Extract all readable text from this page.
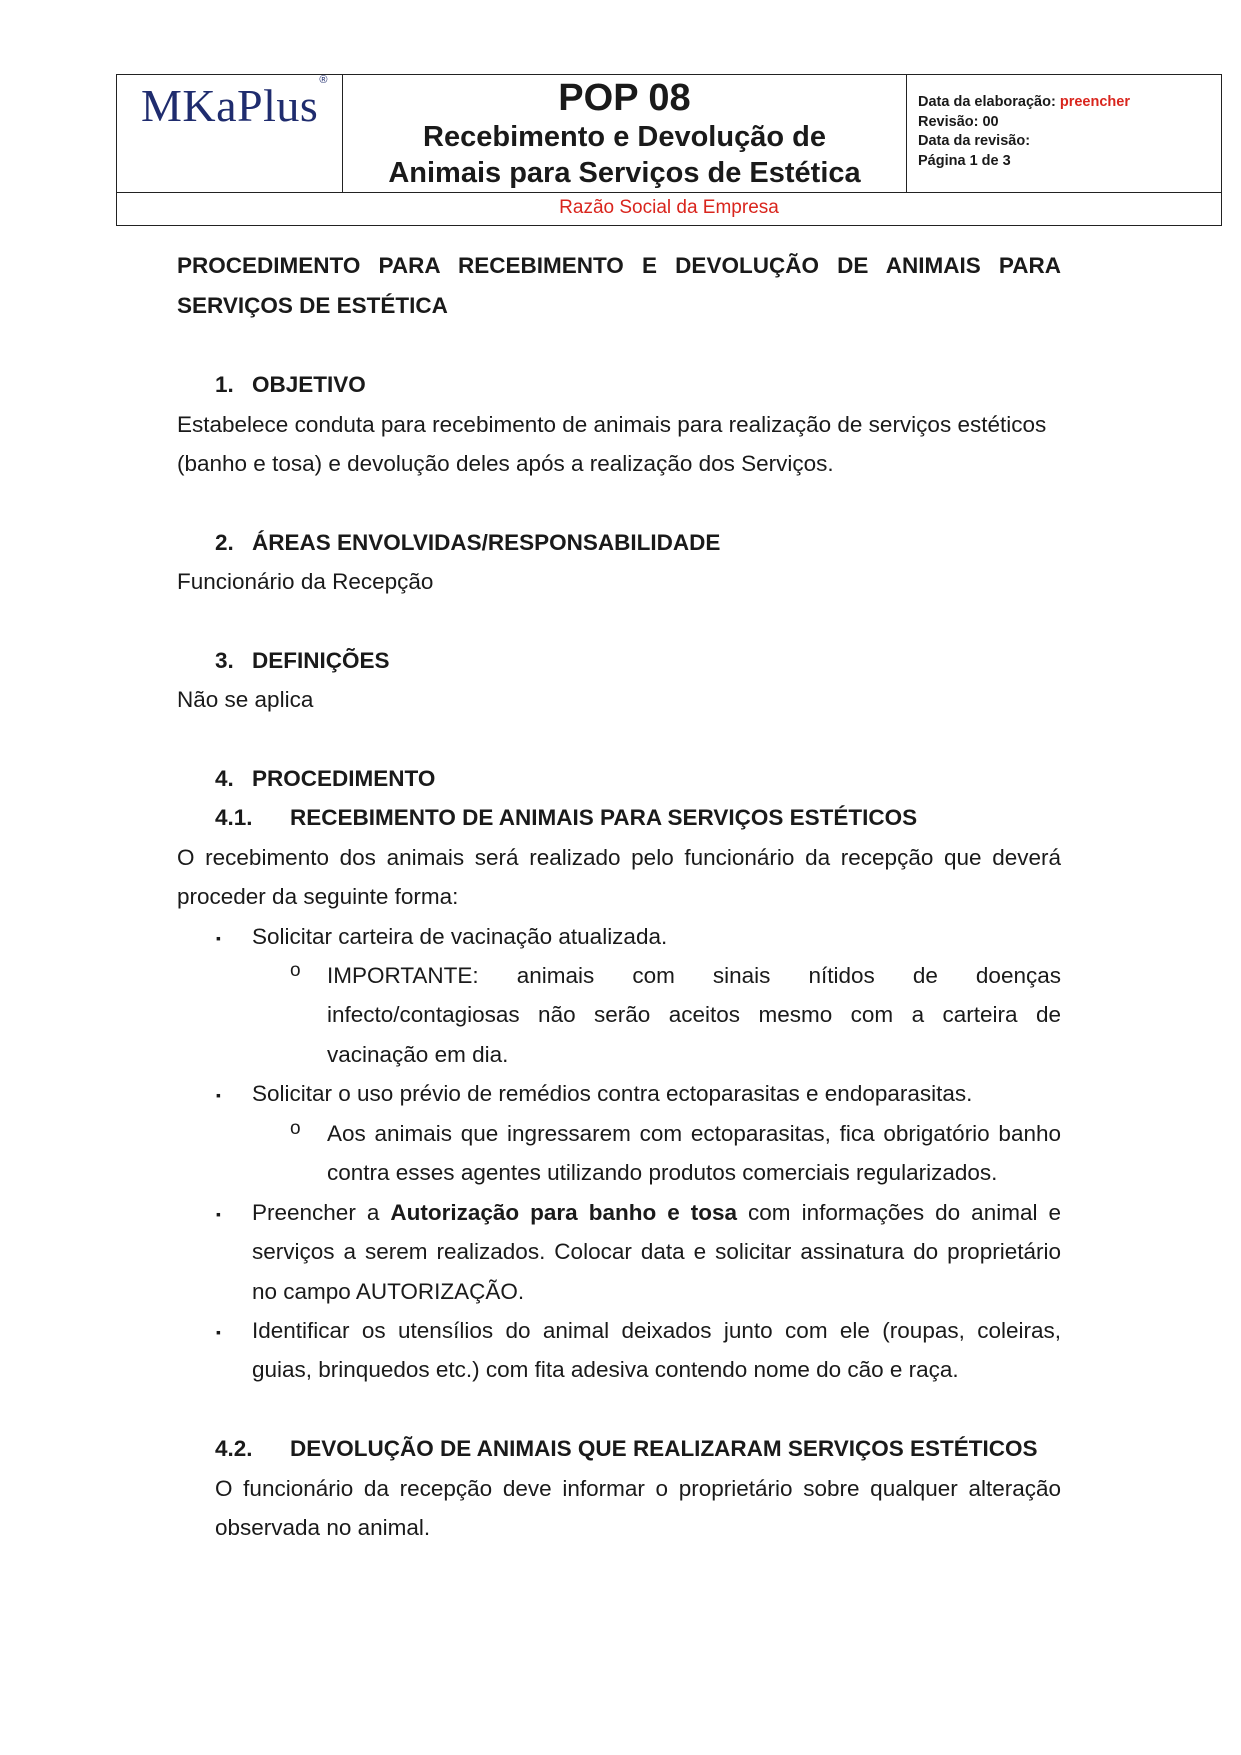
MKaPlus®	POP 08
Recebimento e Devolução de
Animais para Serviços de Estética
Data da elaboração: preencher
Revisão: 00
Data da revisão:
Página 1 de 3
Razão Social da Empresa
PROCEDIMENTO PARA RECEBIMENTO E DEVOLUÇÃO DE ANIMAIS PARA
SERVIÇOS DE ESTÉTICA
1. OBJETIVO
Estabelece conduta para recebimento de animais para realização de serviços estéticos
(banho e tosa) e devolução deles após a realização dos Serviços.
2. ÁREAS ENVOLVIDAS/RESPONSABILIDADE
Funcionário da Recepção
3. DEFINIÇÕES
Não se aplica
4. PROCEDIMENTO
4.1. RECEBIMENTO DE ANIMAIS PARA SERVIÇOS ESTÉTICOS
O recebimento dos animais será realizado pelo funcionário da recepção que deverá
proceder da seguinte forma:
▪ Solicitar carteira de vacinação atualizada.
o IMPORTANTE: animais com sinais nítidos de doenças
infecto/contagiosas não serão aceitos mesmo com a carteira de
vacinação em dia.
▪ Solicitar o uso prévio de remédios contra ectoparasitas e endoparasitas.
o Aos animais que ingressarem com ectoparasitas, fica obrigatório banho
contra esses agentes utilizando produtos comerciais regularizados.
▪ Preencher a Autorização para banho e tosa com informações do animal e
serviços a serem realizados. Colocar data e solicitar assinatura do proprietário
no campo AUTORIZAÇÃO.
▪ Identificar os utensílios do animal deixados junto com ele (roupas, coleiras,
guias, brinquedos etc.) com fita adesiva contendo nome do cão e raça.
4.2. DEVOLUÇÃO DE ANIMAIS QUE REALIZARAM SERVIÇOS ESTÉTICOS
O funcionário da recepção deve informar o proprietário sobre qualquer alteração
observada no animal.
